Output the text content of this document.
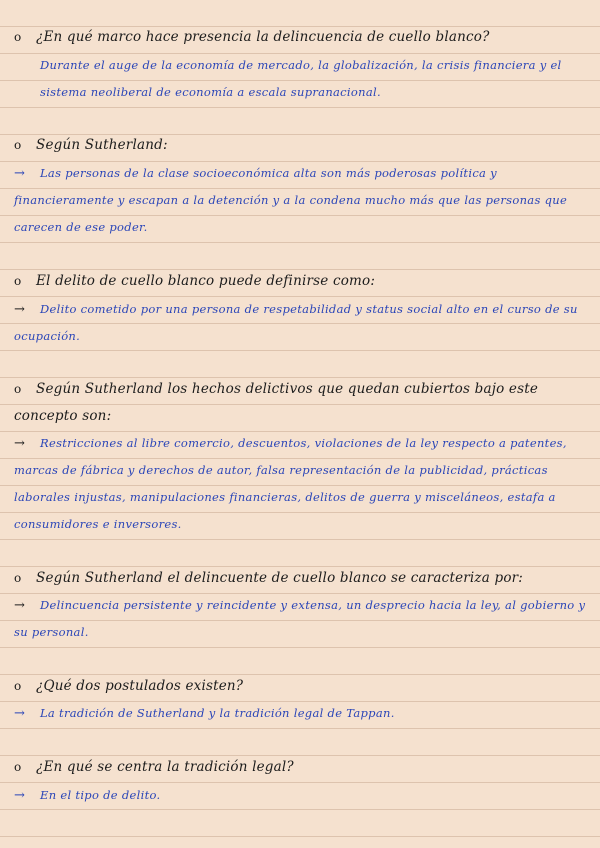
o ¿En qué marco hace presencia la delincuencia de cuello blanco?
Durante el auge de la economía de mercado, la globalización, la crisis financiera y el sistema neoliberal de economía a escala supranacional.
o Según Sutherland:
→ Las personas de la clase socioeconómica alta son más poderosas política y financieramente y escapan a la detención y a la condena mucho más que las personas que carecen de ese poder.
o El delito de cuello blanco puede definirse como:
→ Delito cometido por una persona de respetabilidad y status social alto en el curso de su ocupación.
o Según Sutherland los hechos delictivos que quedan cubiertos bajo este concepto son:
→ Restricciones al libre comercio, descuentos, violaciones de la ley respecto a patentes, marcas de fábrica y derechos de autor, falsa representación de la publicidad, prácticas laborales injustas, manipulaciones financieras, delitos de guerra y misceláneos, estafa a consumidores e inversores.
o Según Sutherland el delincuente de cuello blanco se caracteriza por:
→ Delincuencia persistente y reincidente y extensa, un desprecio hacia la ley, al gobierno y su personal.
o ¿Qué dos postulados existen?
→ La tradición de Sutherland y la tradición legal de Tappan.
o ¿En qué se centra la tradición legal?
→ En el tipo de delito.
